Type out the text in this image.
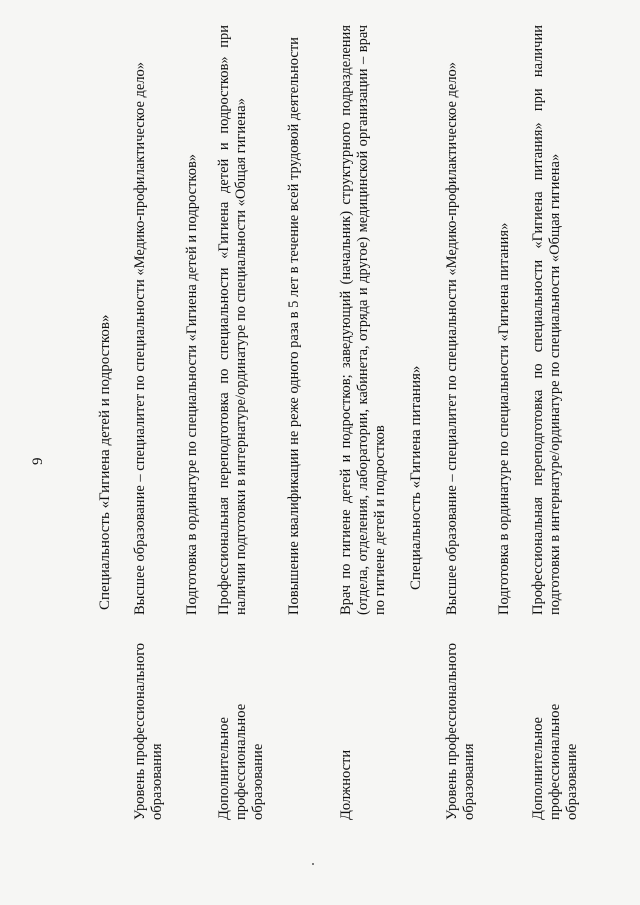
9	Специальность «Гигиена детей и подростков»
Уровень профессионального образования
Высшее образование – специалитет по специальности «Медико-профилактическое дело» Подготовка в ординатуре по специальности «Гигиена детей и подростков»
Дополнительное профессиональное образование
Профессиональная переподготовка по специальности «Гигиена детей и подростков» при наличии подготовки в интернатуре/ординатуре по специальности «Общая гигиена»	Повышение квалификации не реже одного раза в 5 лет в течение всей трудовой деятельности
Должности
Врач по гигиене детей и подростков; заведующий (начальник) структурного подразделения (отдела, отделения, лаборатории, кабинета, отряда и другое) медицинской организации – врач по гигиене детей и подростков Специальность «Гигиена питания»
Уровень профессионального образования
Высшее образование – специалитет по специальности «Медико-профилактическое дело» Подготовка в ординатуре по специальности «Гигиена питания»
Дополнительное профессиональное образование
Профессиональная переподготовка по специальности «Гигиена питания» при наличии подготовки в интернатуре/ординатуре по специальности «Общая гигиена»
